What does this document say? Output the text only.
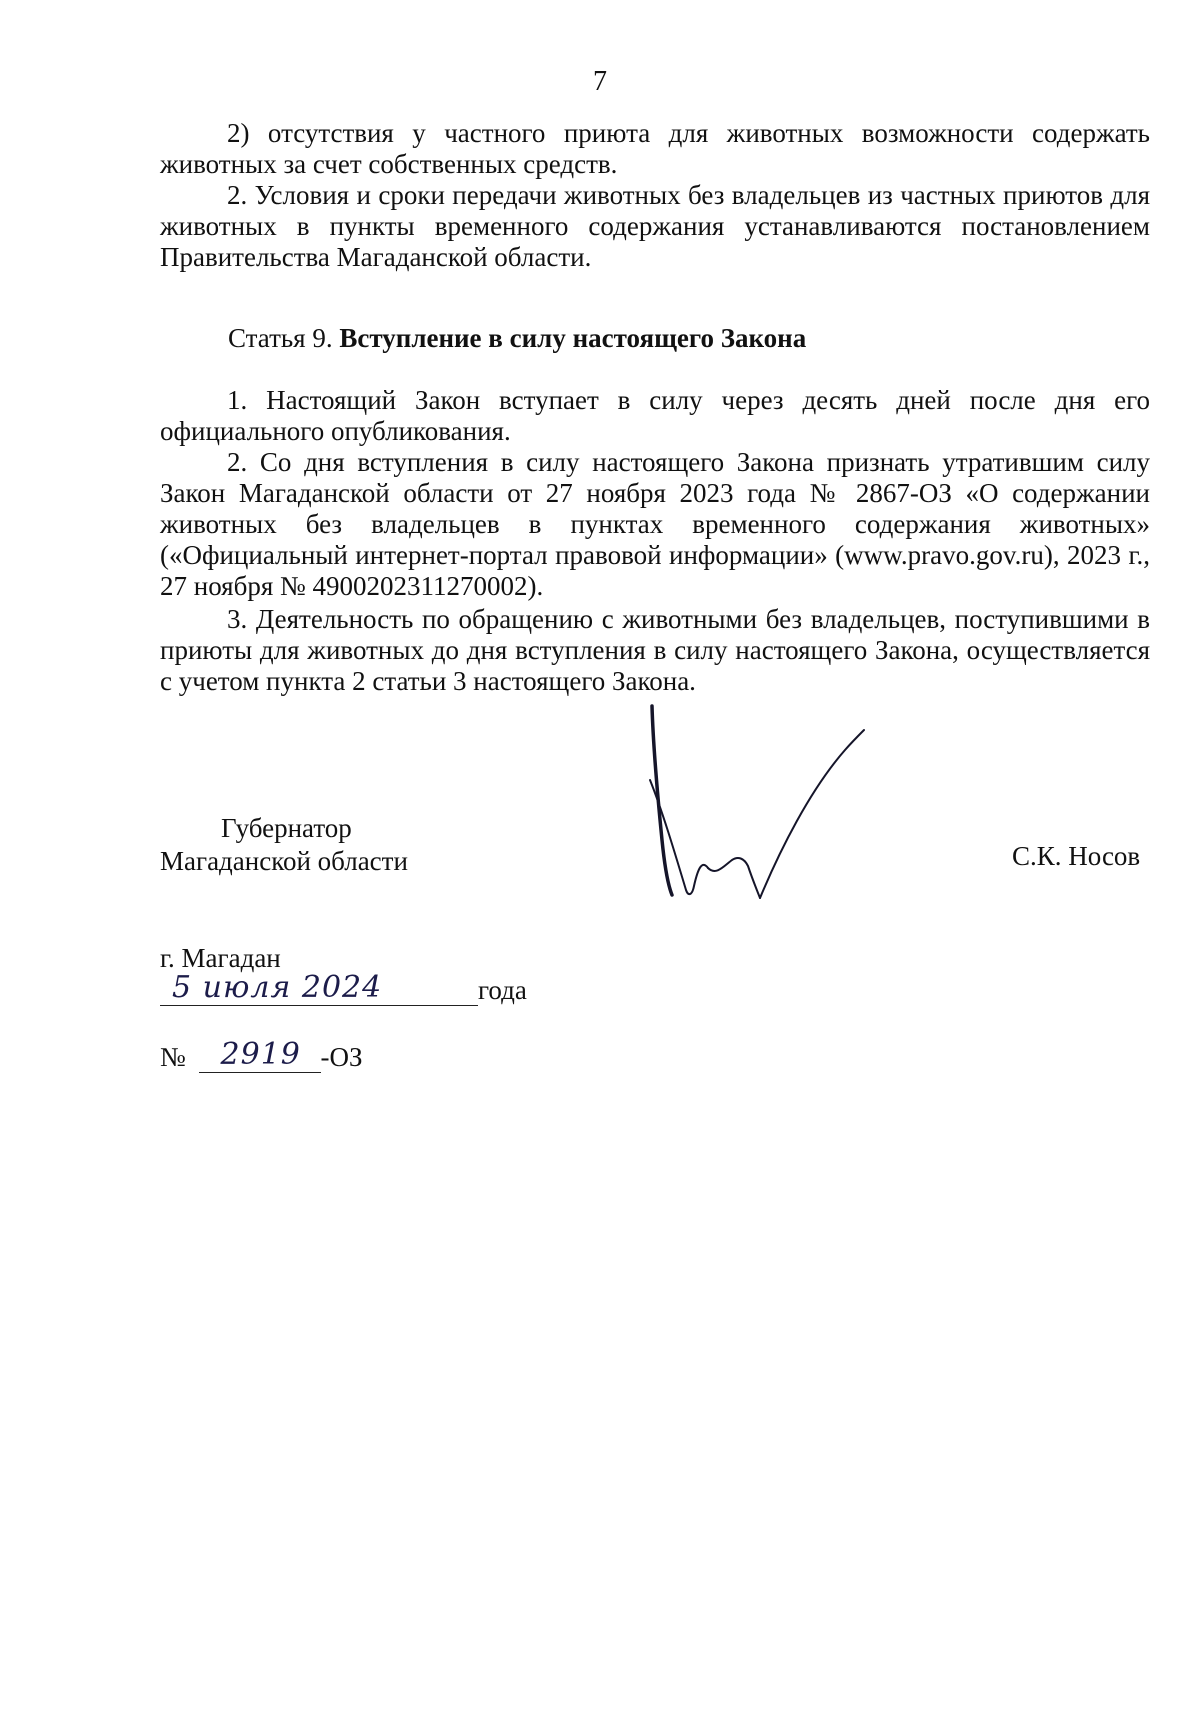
7

2) отсутствия у частного приюта для животных возможности содержать животных за счет собственных средств.

2. Условия и сроки передачи животных без владельцев из частных приютов для животных в пункты временного содержания устанавливаются постановлением Правительства Магаданской области.

Статья 9. Вступление в силу настоящего Закона

1. Настоящий Закон вступает в силу через десять дней после дня его официального опубликования.

2. Со дня вступления в силу настоящего Закона признать утратившим силу Закон Магаданской области от 27 ноября 2023 года № 2867-ОЗ «О содержании животных без владельцев в пунктах временного содержания животных» («Официальный интернет-портал правовой информации» (www.pravo.gov.ru), 2023 г., 27 ноября № 4900202311270002).

3. Деятельность по обращению с животными без владельцев, поступившими в приюты для животных до дня вступления в силу настоящего Закона, осуществляется с учетом пункта 2 статьи 3 настоящего Закона.

Губернатор
Магаданской области	С.К. Носов
г. Магадан
5 июля 2024	года
№ 2919 -ОЗ
